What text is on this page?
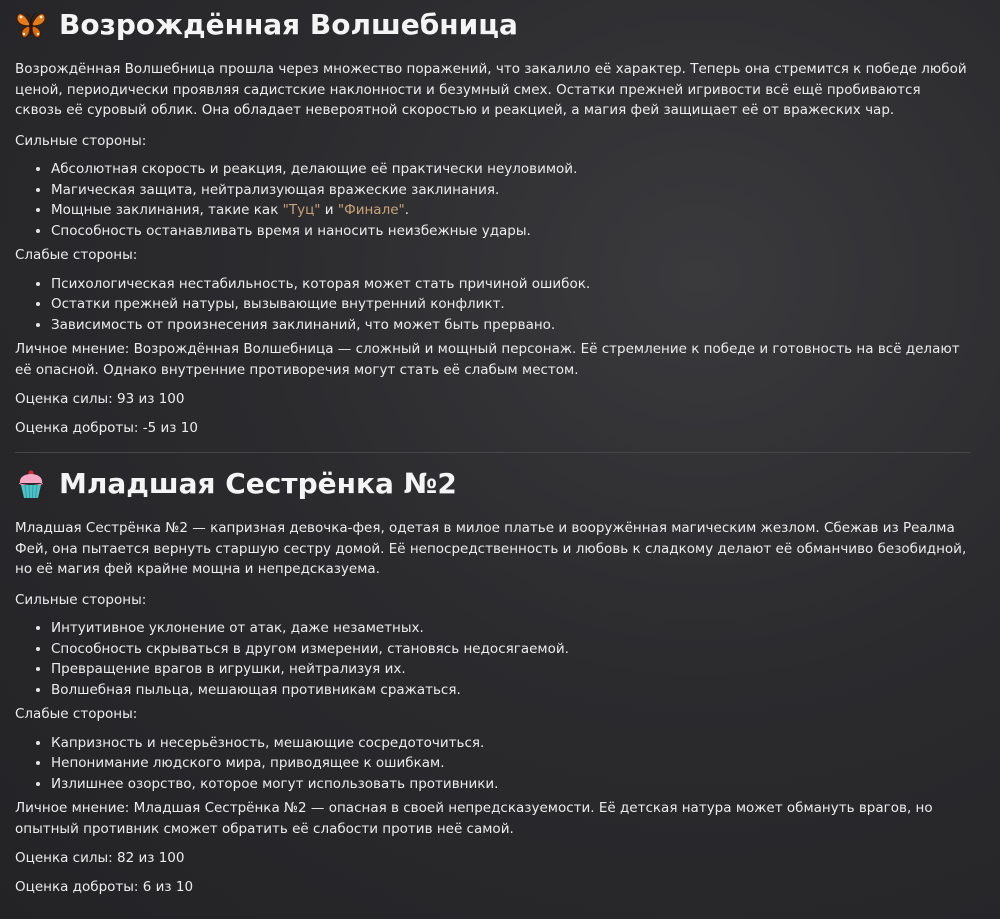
Возрождённая Волшебница

Возрождённая Волшебница прошла через множество поражений, что закалило её характер. Теперь она стремится к победе любой ценой, периодически проявляя садистские наклонности и безумный смех. Остатки прежней игривости всё ещё пробиваются сквозь её суровый облик. Она обладает невероятной скоростью и реакцией, а магия фей защищает её от вражеских чар.

Сильные стороны:

• Абсолютная скорость и реакция, делающие её практически неуловимой.
• Магическая защита, нейтрализующая вражеские заклинания.
• Мощные заклинания, такие как "Туц" и "Финале".
• Способность останавливать время и наносить неизбежные удары.

Слабые стороны:

• Психологическая нестабильность, которая может стать причиной ошибок.
• Остатки прежней натуры, вызывающие внутренний конфликт.
• Зависимость от произнесения заклинаний, что может быть прервано.

Личное мнение: Возрождённая Волшебница — сложный и мощный персонаж. Её стремление к победе и готовность на всё делают её опасной. Однако внутренние противоречия могут стать её слабым местом.

Оценка силы: 93 из 100

Оценка доброты: -5 из 10

Младшая Сестрёнка №2

Младшая Сестрёнка №2 — капризная девочка-фея, одетая в милое платье и вооружённая магическим жезлом. Сбежав из Реалма Фей, она пытается вернуть старшую сестру домой. Её непосредственность и любовь к сладкому делают её обманчиво безобидной, но её магия фей крайне мощна и непредсказуема.

Сильные стороны:

• Интуитивное уклонение от атак, даже незаметных.
• Способность скрываться в другом измерении, становясь недосягаемой.
• Превращение врагов в игрушки, нейтрализуя их.
• Волшебная пыльца, мешающая противникам сражаться.

Слабые стороны:

• Капризность и несерьёзность, мешающие сосредоточиться.
• Непонимание людского мира, приводящее к ошибкам.
• Излишнее озорство, которое могут использовать противники.

Личное мнение: Младшая Сестрёнка №2 — опасная в своей непредсказуемости. Её детская натура может обмануть врагов, но опытный противник сможет обратить её слабости против неё самой.

Оценка силы: 82 из 100

Оценка доброты: 6 из 10
